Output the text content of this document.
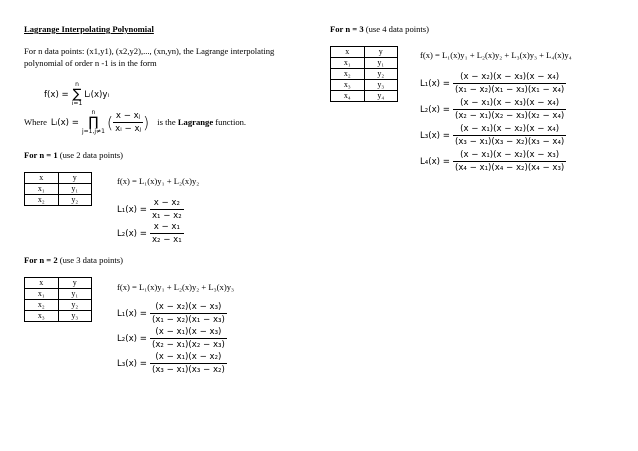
Lagrange Interpolating Polynomial
For n data points: (x1,y1), (x2,y2),..., (xn,yn), the Lagrange interpolating
polynomial of order n -1 is in the form
f(x) =
n
∑
i=1
Lᵢ(x)yᵢ
Where Lᵢ(x) =
n
∏
j=1,j≠1 ( $\frac{\text{x − xⱼ}}{\text{xᵢ − xⱼ}}$ ) is the Lagrange function.
For n = 1 (use 2 data points)
x	y
x₁	y₁
x₂	y₂
f(x) = L₁(x)y₁ + L₂(x)y₂
$L_1(x) = \frac{\text{x − x₂}}{\text{x₁ − x₂}}$
$L_2(x) = \frac{\text{x − x₁}}{\text{x₂ − x₁}}$
For n = 2 (use 3 data points)
x	y
x₁	y₁
x₂	y₂
x₃	y₃
f(x) = L₁(x)y₁ + L₂(x)y₂ + L₃(x)y₃
$L_1(x) = \frac{\text{(x − x₂)(x − x₃)}}{\text{(x₁ − x₂)(x₁ − x₃)}}$
$L_2(x) = \frac{\text{(x − x₁)(x − x₃)}}{\text{(x₂ − x₁)(x₂ − x₃)}}$
$L_3(x) = \frac{\text{(x − x₁)(x − x₂)}}{\text{(x₃ − x₁)(x₃ − x₂)}}$
For n = 3 (use 4 data points)
x	y
x₁	y₁
x₂	y₂
x₃	y₃
x₄	y₄
f(x) = L₁(x)y₁ + L₂(x)y₂ + L₃(x)y₃ + L₄(x)y₄
$L_1(x) = \frac{\text{(x − x₂)(x − x₃)(x − x₄)}}{\text{(x₁ − x₂)(x₁ − x₃)(x₁ − x₄)}}$
$L_2(x) = \frac{\text{(x − x₁)(x − x₃)(x − x₄)}}{\text{(x₂ − x₁)(x₂ − x₃)(x₂ − x₄)}}$
$L_3(x) = \frac{\text{(x − x₁)(x − x₂)(x − x₄)}}{\text{(x₃ − x₁)(x₃ − x₂)(x₃ − x₄)}}$
$L_4(x) = \frac{\text{(x − x₁)(x − x₂)(x − x₃)}}{\text{(x₄ − x₁)(x₄ − x₂)(x₄ − x₃)}}$
